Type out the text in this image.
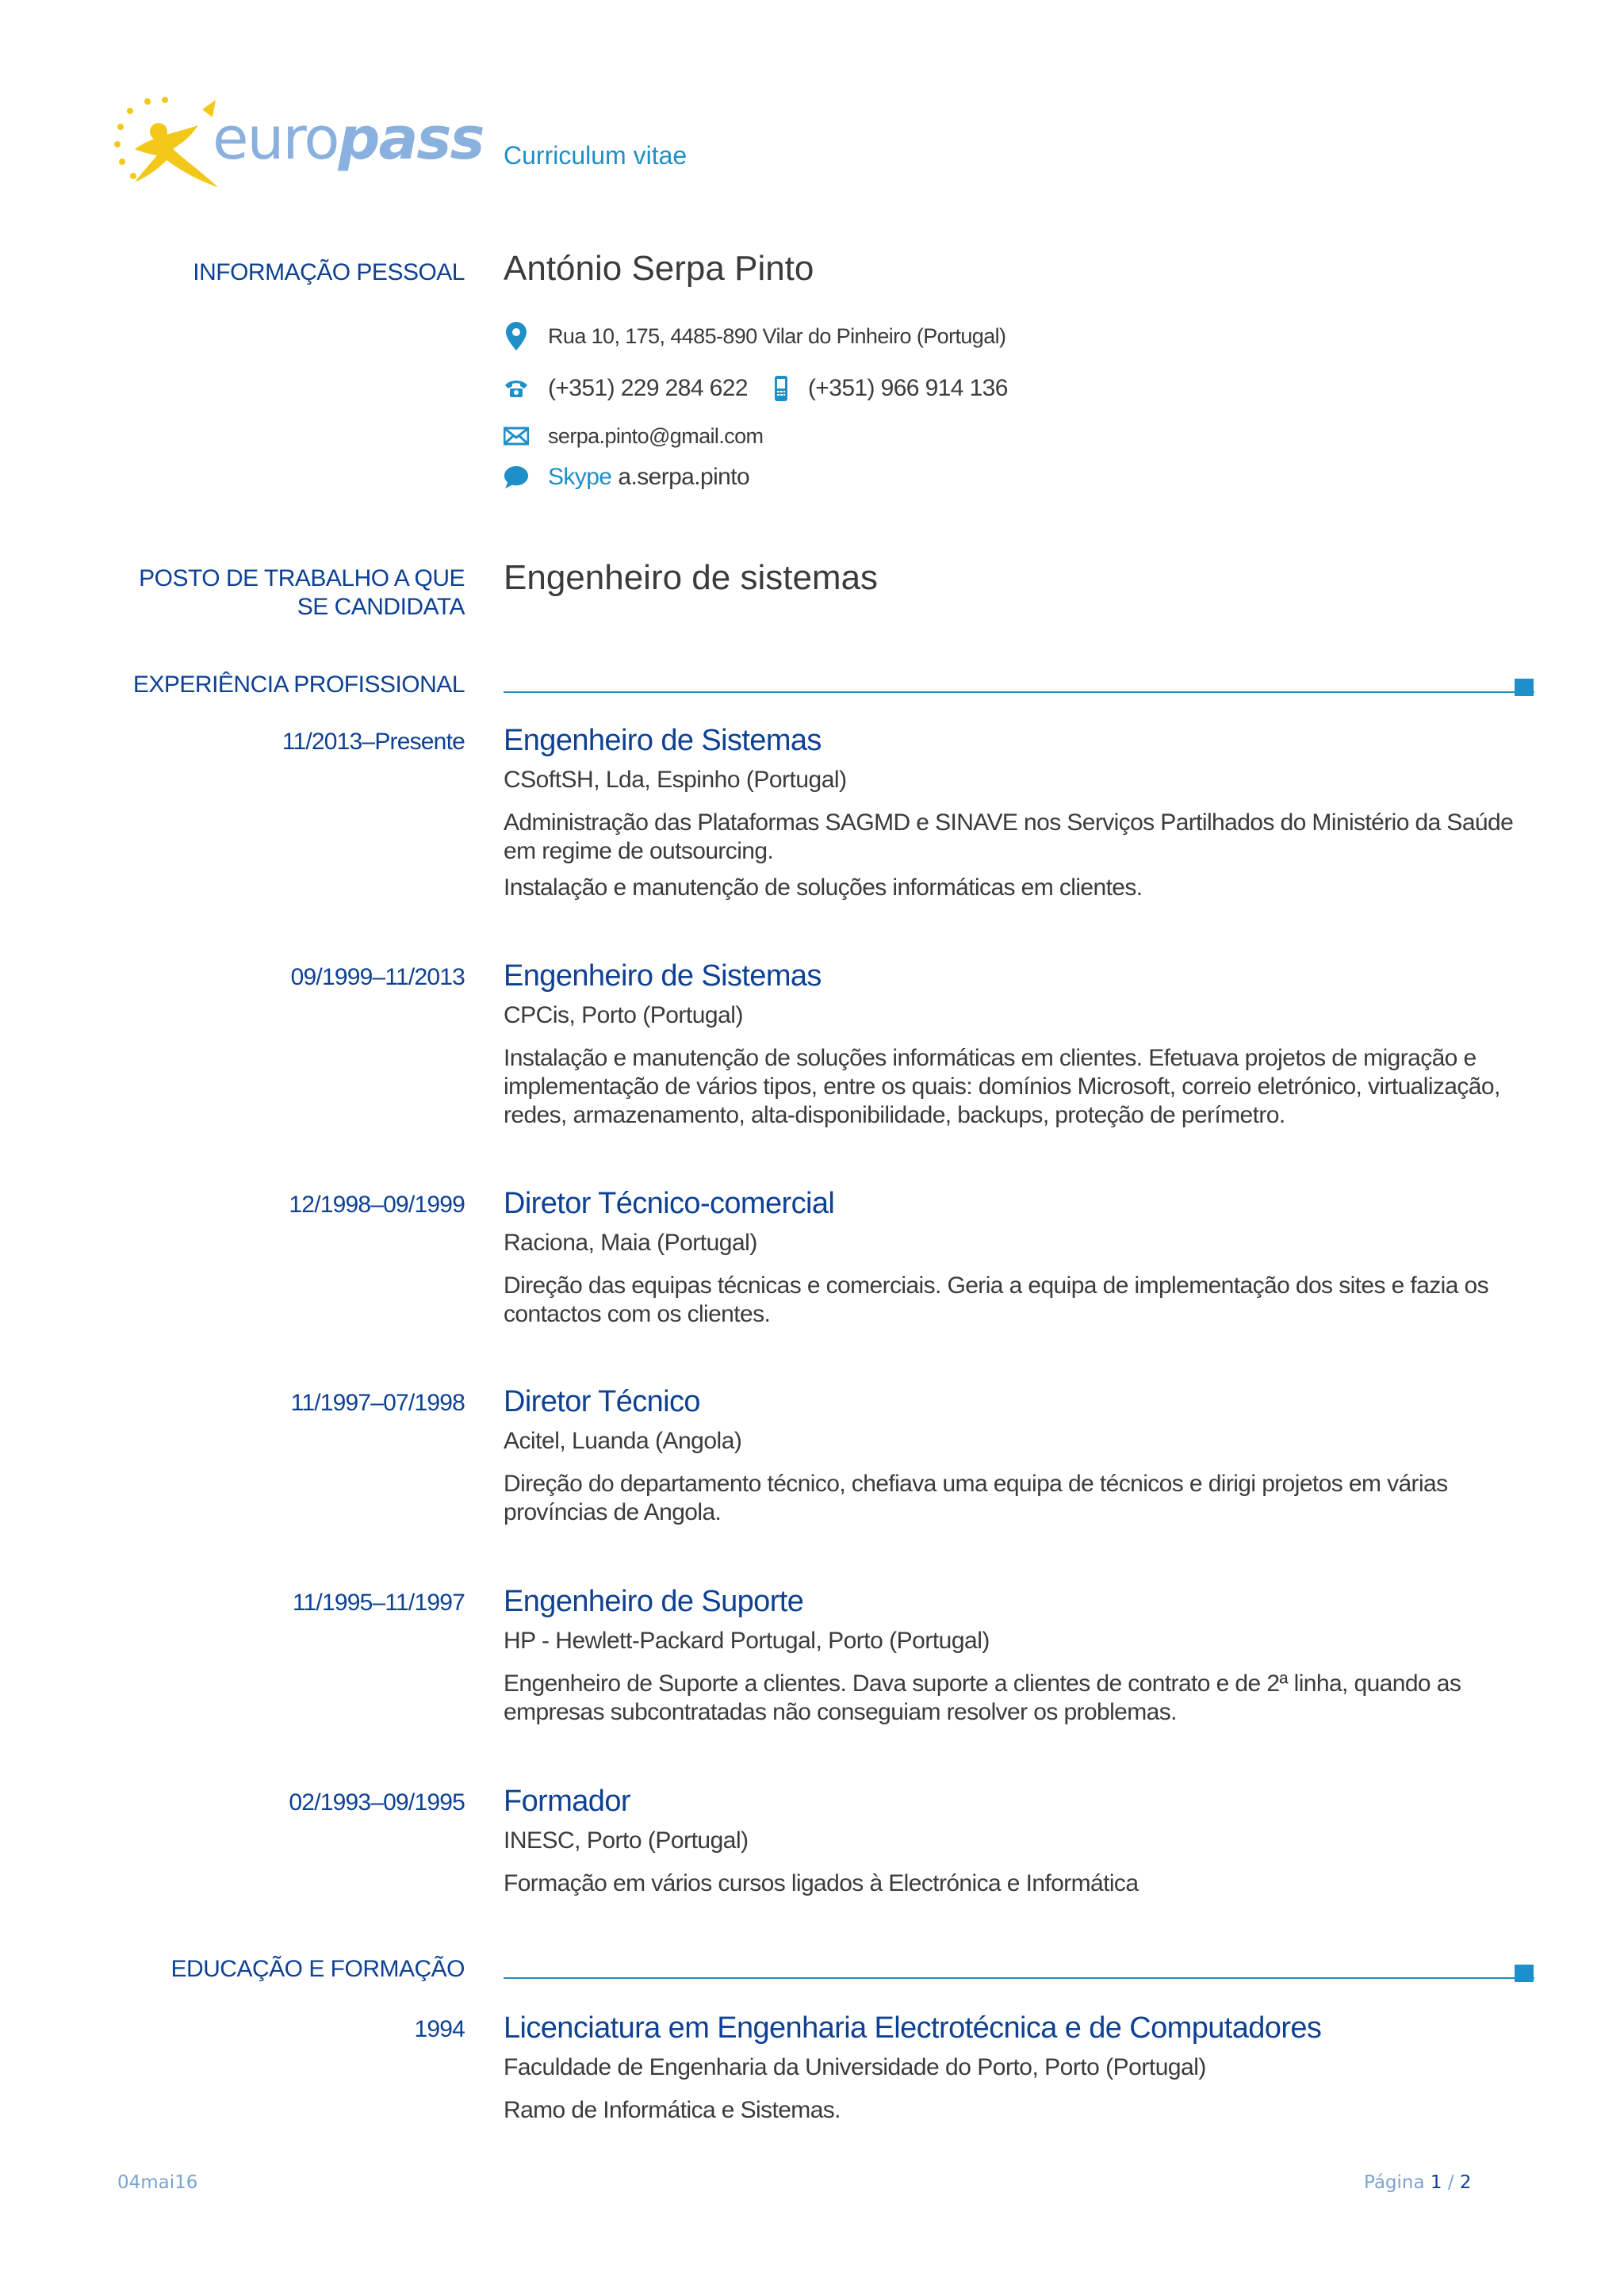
europass Curriculum vitae
INFORMAÇÃO PESSOAL António Serpa Pinto
Rua 10, 175, 4485-890 Vilar do Pinheiro (Portugal)
(+351) 229 284 622	(+351) 966 914 136
serpa.pinto@gmail.com
Skype a.serpa.pinto
POSTO DE TRABALHO A QUE
SE CANDIDATA
Engenheiro de sistemas
EXPERIÊNCIA PROFISSIONAL
11/2013–Presente Engenheiro de Sistemas
CSoftSH, Lda, Espinho (Portugal)

Administração das Plataformas SAGMD e SINAVE nos Serviços Partilhados do Ministério da Saúde em regime de outsourcing.

Instalação e manutenção de soluções informáticas em clientes.

09/1999–11/2013 Engenheiro de Sistemas
CPCis, Porto (Portugal)

Instalação e manutenção de soluções informáticas em clientes. Efetuava projetos de migração e implementação de vários tipos, entre os quais: domínios Microsoft, correio eletrónico, virtualização, redes, armazenamento, alta-disponibilidade, backups, proteção de perímetro.

12/1998–09/1999 Diretor Técnico-comercial
Raciona, Maia (Portugal)

Direção das equipas técnicas e comerciais. Geria a equipa de implementação dos sites e fazia os contactos com os clientes.

11/1997–07/1998 Diretor Técnico
Acitel, Luanda (Angola)

Direção do departamento técnico, chefiava uma equipa de técnicos e dirigi projetos em várias províncias de Angola.

11/1995–11/1997 Engenheiro de Suporte
HP - Hewlett-Packard Portugal, Porto (Portugal)

Engenheiro de Suporte a clientes. Dava suporte a clientes de contrato e de 2ª linha, quando as empresas subcontratadas não conseguiam resolver os problemas.

02/1993–09/1995 Formador
INESC, Porto (Portugal)

Formação em vários cursos ligados à Electrónica e Informática

EDUCAÇÃO E FORMAÇÃO
1994 Licenciatura em Engenharia Electrotécnica e de Computadores
Faculdade de Engenharia da Universidade do Porto, Porto (Portugal)

Ramo de Informática e Sistemas.

04mai16	Página 1 / 2
